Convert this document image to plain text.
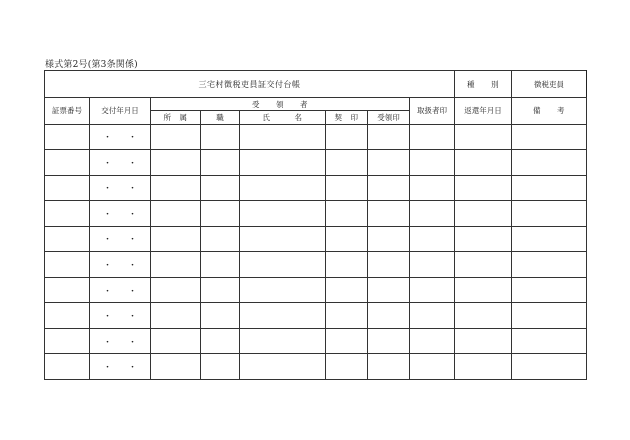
様式第2号(第3条関係)
三宅村徴税吏員証交付台帳								種　　別	徴税吏員
証票番号	交付年月日	受　　領　　者					取扱者印	返還年月日	備　　考
		所　属	職	氏　　　名	契　印	受領印			
	・ ・								
	・ ・								
	・ ・								
	・ ・								
	・ ・								
	・ ・								
	・ ・								
	・ ・								
	・ ・								
	・ ・								
